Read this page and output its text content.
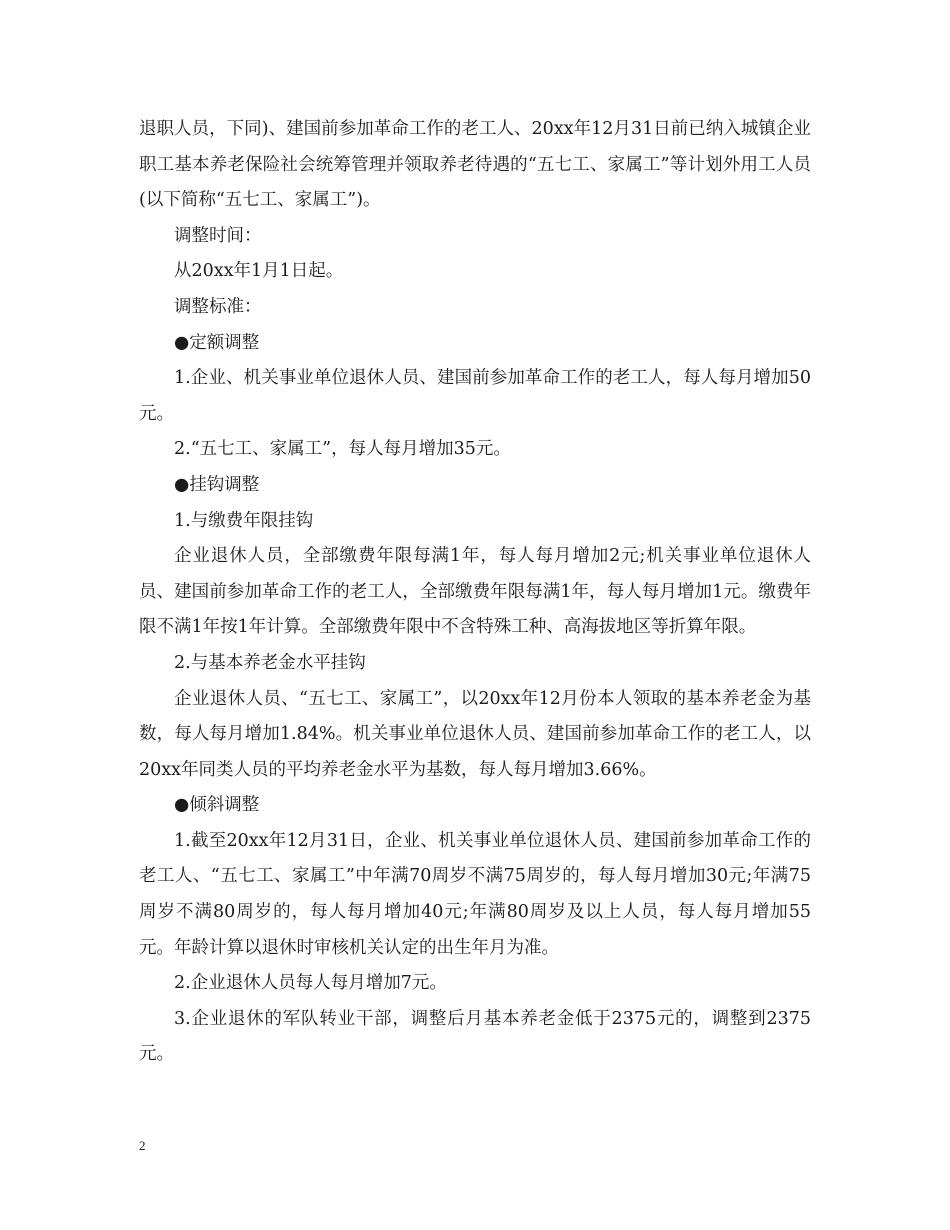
退职人员，下同)、建国前参加革命工作的老工人、20xx年12月31日前已纳入城镇企业职工基本养老保险社会统筹管理并领取养老待遇的“五七工、家属工”等计划外用工人员(以下简称“五七工、家属工”)。

调整时间：

从20xx年1月1日起。

调整标准：

●定额调整

1.企业、机关事业单位退休人员、建国前参加革命工作的老工人，每人每月增加50元。

2.“五七工、家属工”，每人每月增加35元。

●挂钩调整

1.与缴费年限挂钩

企业退休人员，全部缴费年限每满1年，每人每月增加2元;机关事业单位退休人员、建国前参加革命工作的老工人，全部缴费年限每满1年，每人每月增加1元。缴费年限不满1年按1年计算。全部缴费年限中不含特殊工种、高海拔地区等折算年限。

2.与基本养老金水平挂钩

企业退休人员、“五七工、家属工”，以20xx年12月份本人领取的基本养老金为基数，每人每月增加1.84%。机关事业单位退休人员、建国前参加革命工作的老工人，以20xx年同类人员的平均养老金水平为基数，每人每月增加3.66%。

●倾斜调整

1.截至20xx年12月31日，企业、机关事业单位退休人员、建国前参加革命工作的老工人、“五七工、家属工”中年满70周岁不满75周岁的，每人每月增加30元;年满75周岁不满80周岁的，每人每月增加40元;年满80周岁及以上人员，每人每月增加55元。年龄计算以退休时审核机关认定的出生年月为准。

2.企业退休人员每人每月增加7元。

3.企业退休的军队转业干部，调整后月基本养老金低于2375元的，调整到2375元。

2
